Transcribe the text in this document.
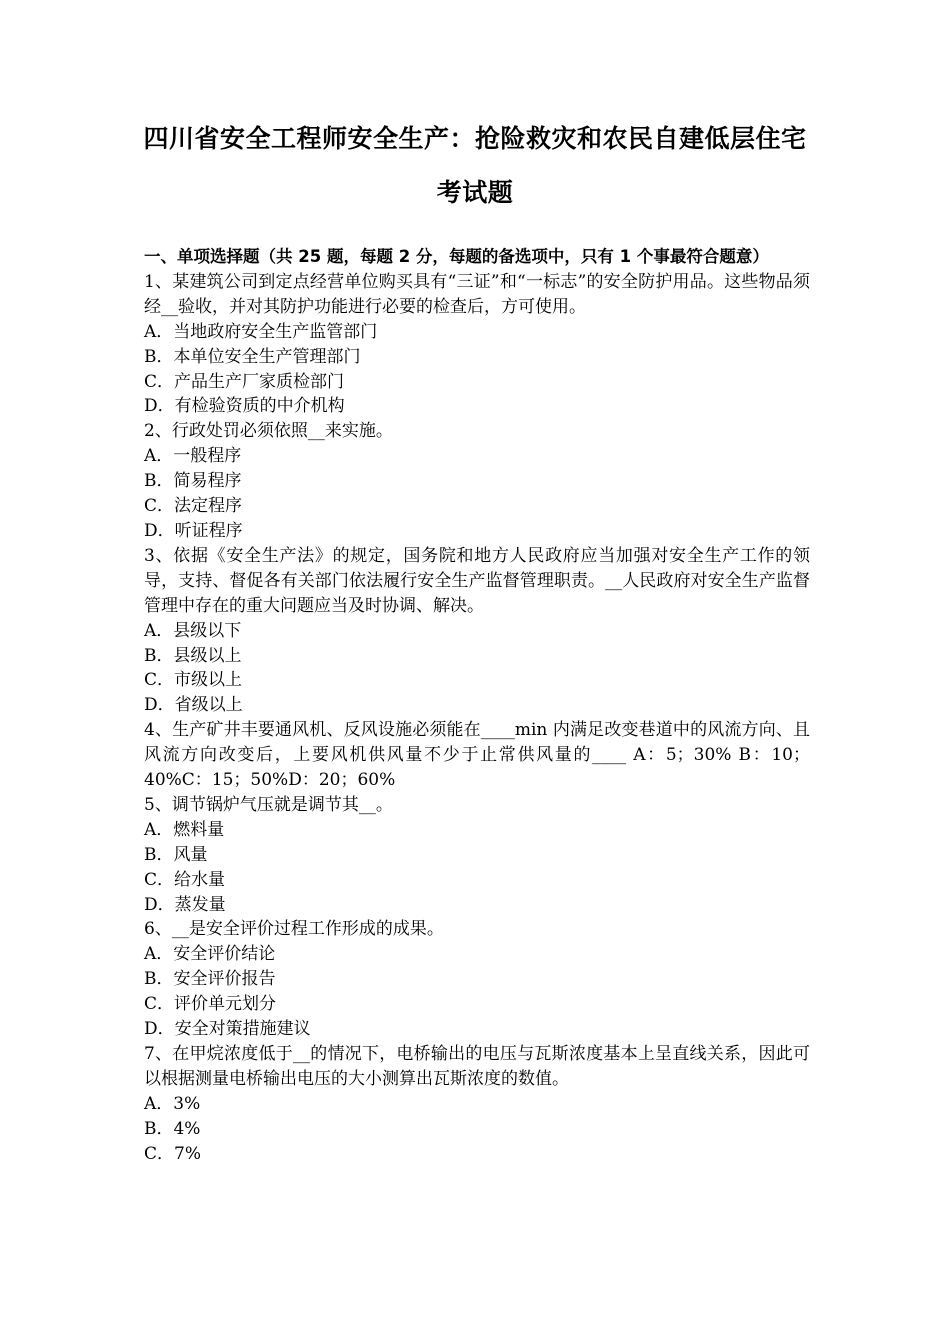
四川省安全工程师安全生产：抢险救灾和农民自建低层住宅
考试题
一、单项选择题（共 25 题，每题 2 分，每题的备选项中，只有 1 个事最符合题意）
1、某建筑公司到定点经营单位购买具有“三证”和“一标志”的安全防护用品。这些物品须经__验收，并对其防护功能进行必要的检查后，方可使用。
A．当地政府安全生产监管部门
B．本单位安全生产管理部门
C．产品生产厂家质检部门
D．有检验资质的中介机构
2、行政处罚必须依照__来实施。
A．一般程序
B．简易程序
C．法定程序
D．听证程序
3、依据《安全生产法》的规定，国务院和地方人民政府应当加强对安全生产工作的领导，支持、督促各有关部门依法履行安全生产监督管理职责。__人民政府对安全生产监督管理中存在的重大问题应当及时协调、解决。
A．县级以下
B．县级以上
C．市级以上
D．省级以上
4、生产矿井丰要通风机、反风设施必须能在____min 内满足改变巷道中的风流方向、且风流方向改变后，上要风机供风量不少于止常供风量的____ A：5；30% B：10；40%C：15；50%D：20；60%
5、调节锅炉气压就是调节其__。
A．燃料量
B．风量
C．给水量
D．蒸发量
6、__是安全评价过程工作形成的成果。
A．安全评价结论
B．安全评价报告
C．评价单元划分
D．安全对策措施建议
7、在甲烷浓度低于__的情况下，电桥输出的电压与瓦斯浓度基本上呈直线关系，因此可以根据测量电桥输出电压的大小测算出瓦斯浓度的数值。
A．3%
B．4%
C．7%
